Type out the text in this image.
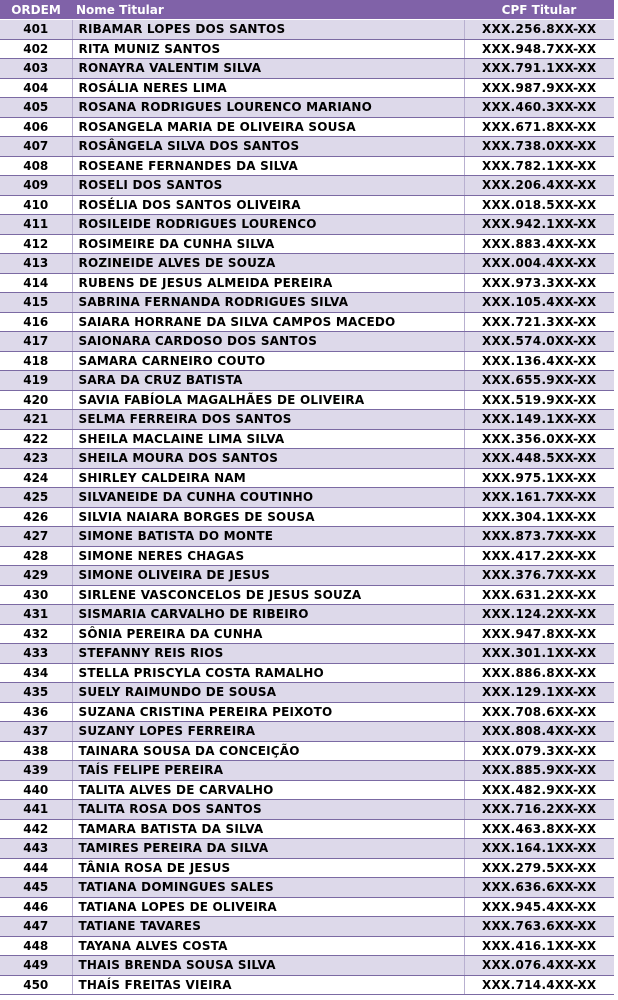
ORDEM	Nome Titular	CPF Titular
401	RIBAMAR LOPES DOS SANTOS	XXX.256.8XX-XX
402	RITA MUNIZ SANTOS	XXX.948.7XX-XX
403	RONAYRA VALENTIM SILVA	XXX.791.1XX-XX
404	ROSÁLIA NERES LIMA	XXX.987.9XX-XX
405	ROSANA RODRIGUES LOURENCO MARIANO	XXX.460.3XX-XX
406	ROSANGELA MARIA DE OLIVEIRA SOUSA	XXX.671.8XX-XX
407	ROSÂNGELA SILVA DOS SANTOS	XXX.738.0XX-XX
408	ROSEANE FERNANDES DA SILVA	XXX.782.1XX-XX
409	ROSELI DOS SANTOS	XXX.206.4XX-XX
410	ROSÉLIA DOS SANTOS OLIVEIRA	XXX.018.5XX-XX
411	ROSILEIDE RODRIGUES LOURENCO	XXX.942.1XX-XX
412	ROSIMEIRE DA CUNHA SILVA	XXX.883.4XX-XX
413	ROZINEIDE ALVES DE SOUZA	XXX.004.4XX-XX
414	RUBENS DE JESUS ALMEIDA PEREIRA	XXX.973.3XX-XX
415	SABRINA FERNANDA RODRIGUES SILVA	XXX.105.4XX-XX
416	SAIARA HORRANE DA SILVA CAMPOS MACEDO	XXX.721.3XX-XX
417	SAIONARA CARDOSO DOS SANTOS	XXX.574.0XX-XX
418	SAMARA CARNEIRO COUTO	XXX.136.4XX-XX
419	SARA DA CRUZ BATISTA	XXX.655.9XX-XX
420	SAVIA FABÍOLA MAGALHÃES DE OLIVEIRA	XXX.519.9XX-XX
421	SELMA FERREIRA DOS SANTOS	XXX.149.1XX-XX
422	SHEILA MACLAINE LIMA SILVA	XXX.356.0XX-XX
423	SHEILA MOURA DOS SANTOS	XXX.448.5XX-XX
424	SHIRLEY CALDEIRA NAM	XXX.975.1XX-XX
425	SILVANEIDE DA CUNHA COUTINHO	XXX.161.7XX-XX
426	SILVIA NAIARA BORGES DE SOUSA	XXX.304.1XX-XX
427	SIMONE BATISTA DO MONTE	XXX.873.7XX-XX
428	SIMONE NERES CHAGAS	XXX.417.2XX-XX
429	SIMONE OLIVEIRA DE JESUS	XXX.376.7XX-XX
430	SIRLENE VASCONCELOS DE JESUS SOUZA	XXX.631.2XX-XX
431	SISMARIA CARVALHO DE RIBEIRO	XXX.124.2XX-XX
432	SÔNIA PEREIRA DA CUNHA	XXX.947.8XX-XX
433	STEFANNY REIS RIOS	XXX.301.1XX-XX
434	STELLA PRISCYLA COSTA RAMALHO	XXX.886.8XX-XX
435	SUELY RAIMUNDO DE SOUSA	XXX.129.1XX-XX
436	SUZANA CRISTINA PEREIRA PEIXOTO	XXX.708.6XX-XX
437	SUZANY LOPES FERREIRA	XXX.808.4XX-XX
438	TAINARA SOUSA DA CONCEIÇÃO	XXX.079.3XX-XX
439	TAÍS FELIPE PEREIRA	XXX.885.9XX-XX
440	TALITA ALVES DE CARVALHO	XXX.482.9XX-XX
441	TALITA ROSA DOS SANTOS	XXX.716.2XX-XX
442	TAMARA BATISTA DA SILVA	XXX.463.8XX-XX
443	TAMIRES PEREIRA DA SILVA	XXX.164.1XX-XX
444	TÂNIA ROSA DE JESUS	XXX.279.5XX-XX
445	TATIANA DOMINGUES SALES	XXX.636.6XX-XX
446	TATIANA LOPES DE OLIVEIRA	XXX.945.4XX-XX
447	TATIANE TAVARES	XXX.763.6XX-XX
448	TAYANA ALVES COSTA	XXX.416.1XX-XX
449	THAIS BRENDA SOUSA SILVA	XXX.076.4XX-XX
450	THAÍS FREITAS VIEIRA	XXX.714.4XX-XX
